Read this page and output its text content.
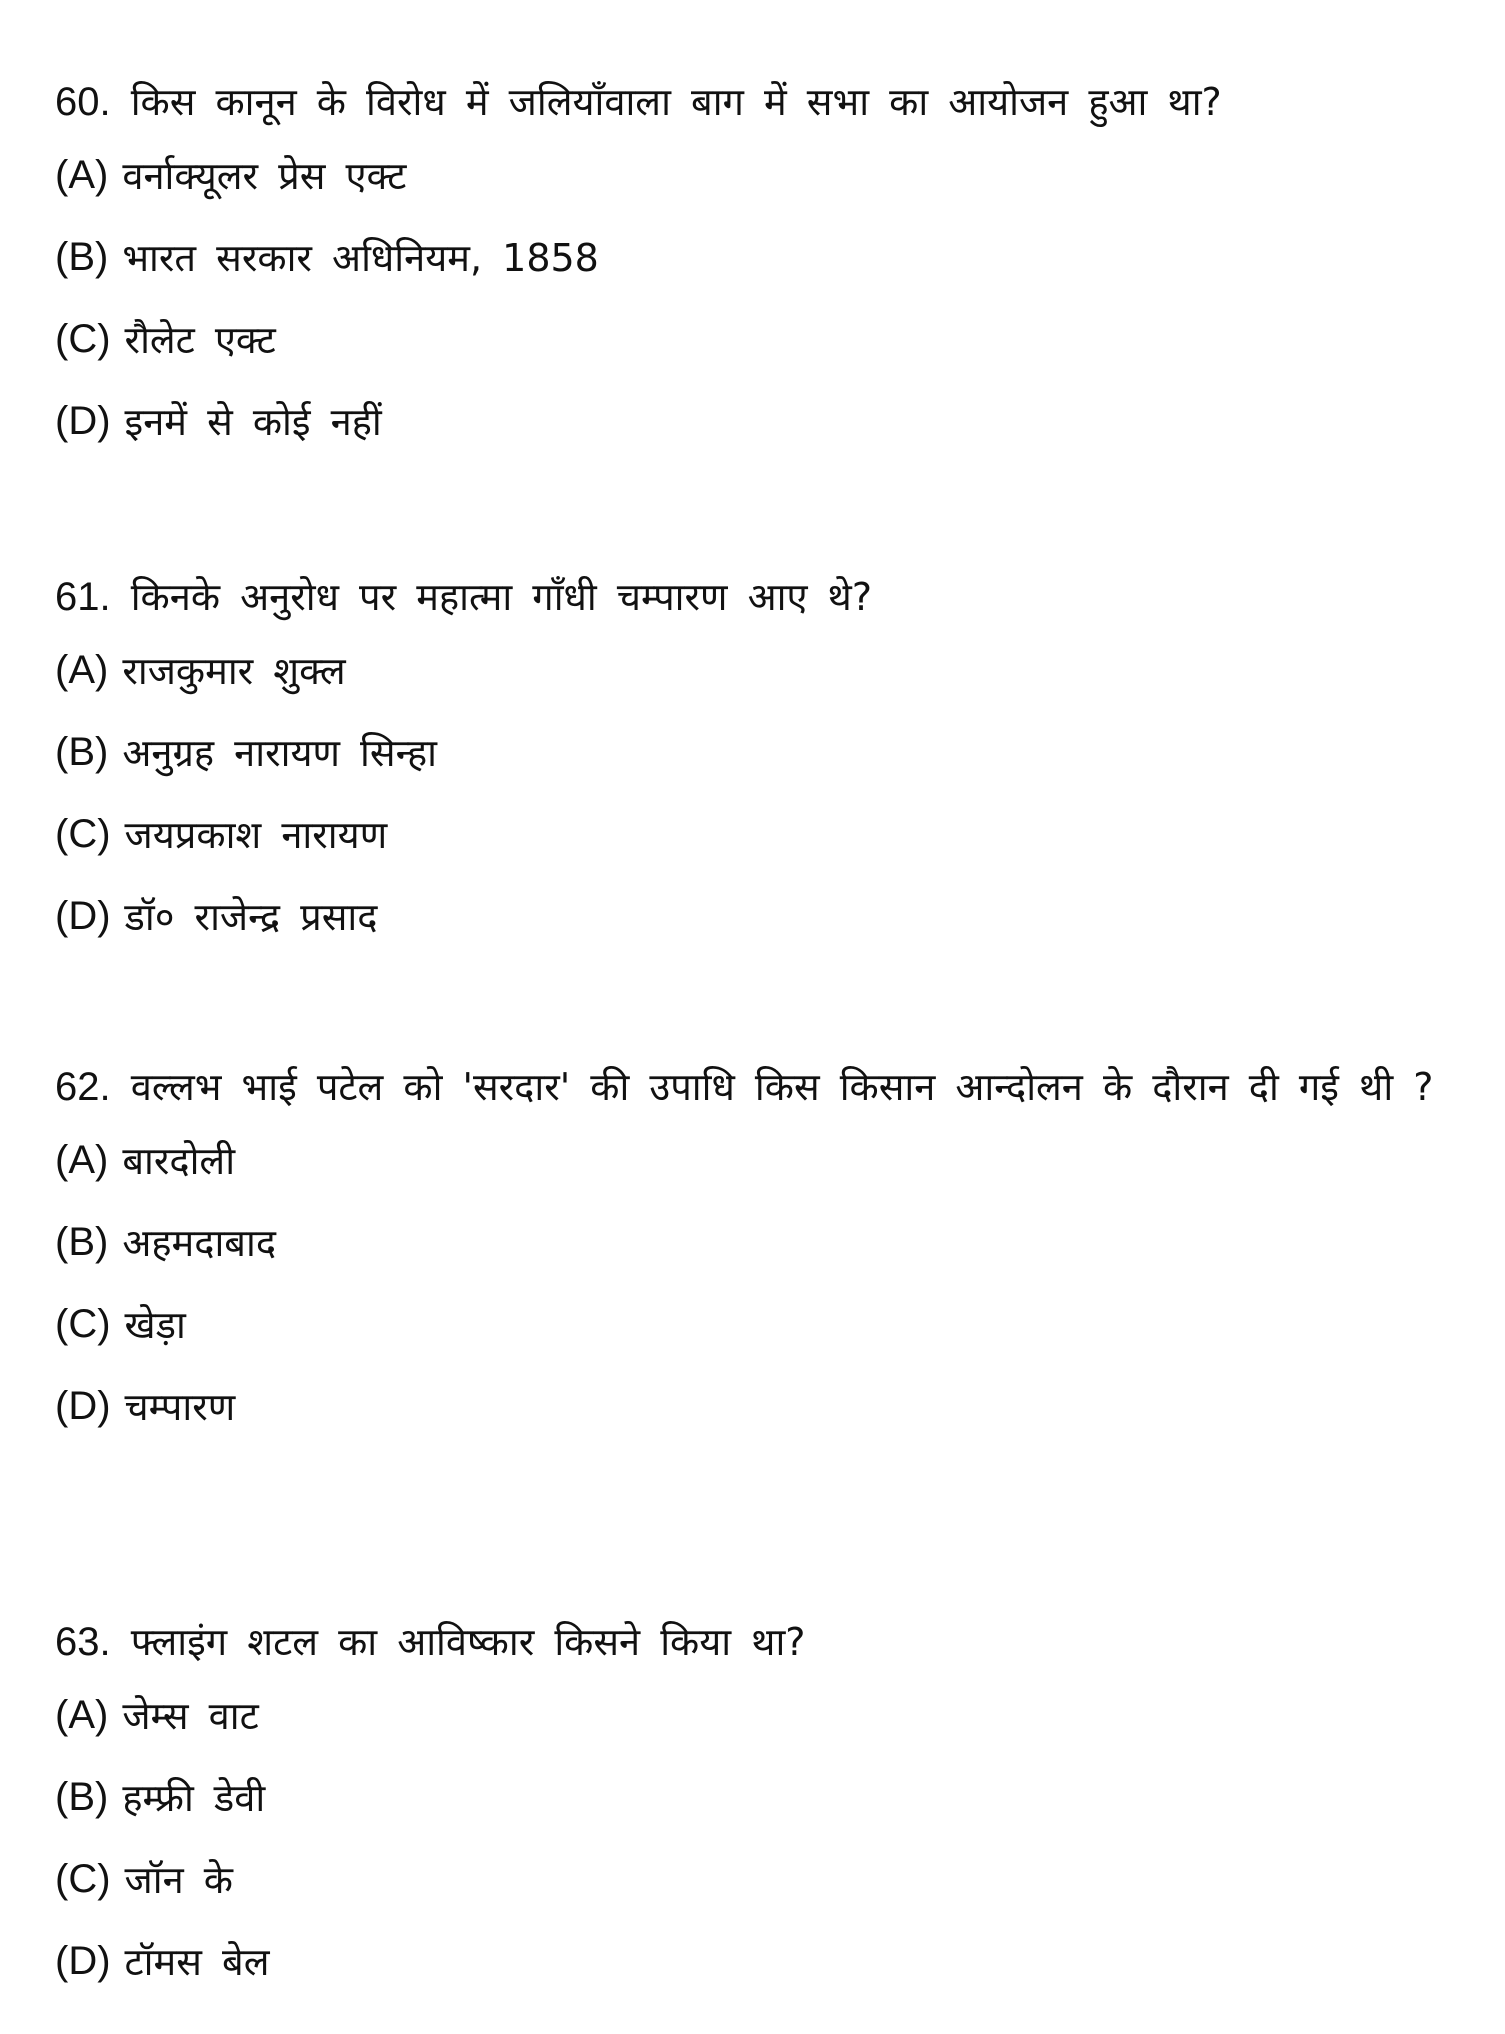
60. किस कानून के विरोध में जलियाँवाला बाग में सभा का आयोजन हुआ था?

(A) वर्नाक्यूलर प्रेस एक्ट
(B) भारत सरकार अधिनियम, 1858
(C) रौलेट एक्ट
(D) इनमें से कोई नहीं

61. किनके अनुरोध पर महात्मा गाँधी चम्पारण आए थे?

(A) राजकुमार शुक्ल
(B) अनुग्रह नारायण सिन्हा
(C) जयप्रकाश नारायण
(D) डॉ० राजेन्द्र प्रसाद

62. वल्लभ भाई पटेल को 'सरदार' की उपाधि किस किसान आन्दोलन के दौरान दी गई थी ?

(A) बारदोली
(B) अहमदाबाद
(C) खेड़ा
(D) चम्पारण

63. फ्लाइंग शटल का आविष्कार किसने किया था?

(A) जेम्स वाट
(B) हम्फ्री डेवी
(C) जॉन के
(D) टॉमस बेल
